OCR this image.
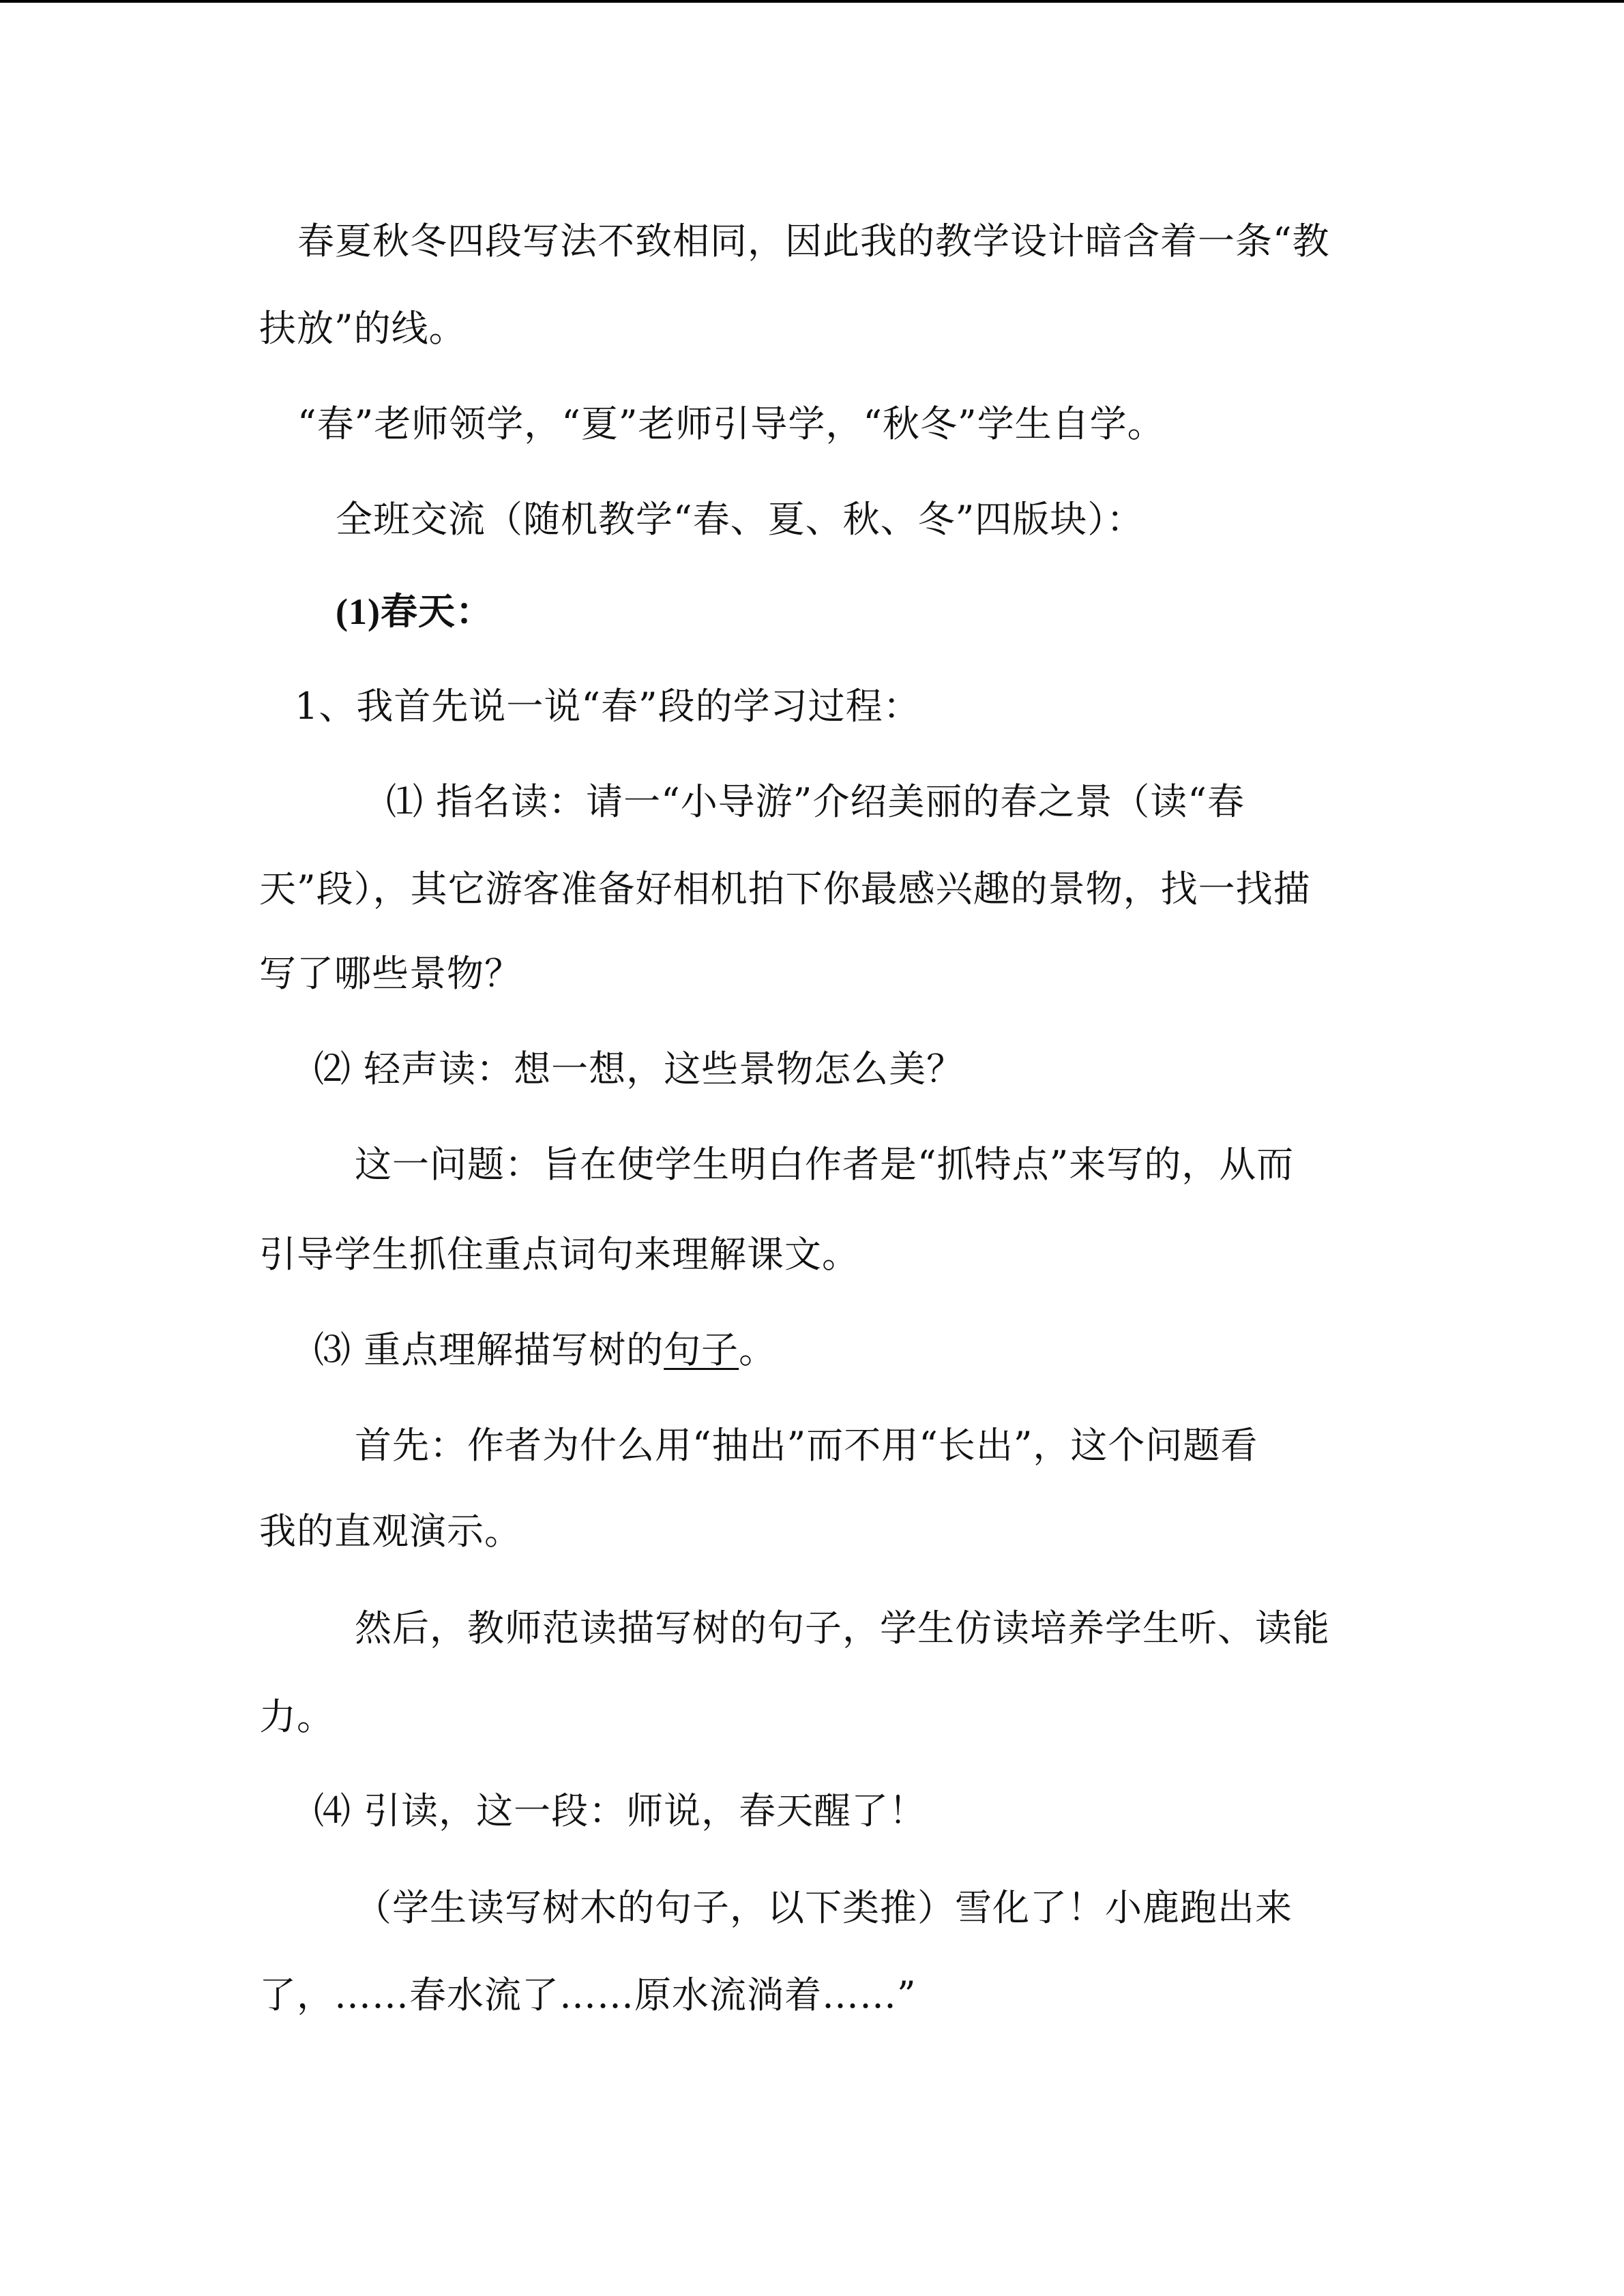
春夏秋冬四段写法不致相同，因此我的教学设计暗含着一条“教
扶放”的线。
“春”老师领学，“夏”老师引导学，“秋冬”学生自学。
全班交流（随机教学“春、夏、秋、冬”四版块）：
(1)春天：
1、我首先说一说“春”段的学习过程：
⑴ 指名读：请一“小导游”介绍美丽的春之景（读“春
天”段），其它游客准备好相机拍下你最感兴趣的景物，找一找描
写了哪些景物？
⑵ 轻声读：想一想，这些景物怎么美？
这一问题：旨在使学生明白作者是“抓特点”来写的，从而
引导学生抓住重点词句来理解课文。
⑶ 重点理解描写树的句子。
首先：作者为什么用“抽出”而不用“长出”，这个问题看
我的直观演示。
然后，教师范读描写树的句子，学生仿读培养学生听、读能
力。
⑷ 引读，这一段：师说，春天醒了！
（学生读写树木的句子，以下类推）雪化了！小鹿跑出来
了，……春水流了……原水流淌着……”
